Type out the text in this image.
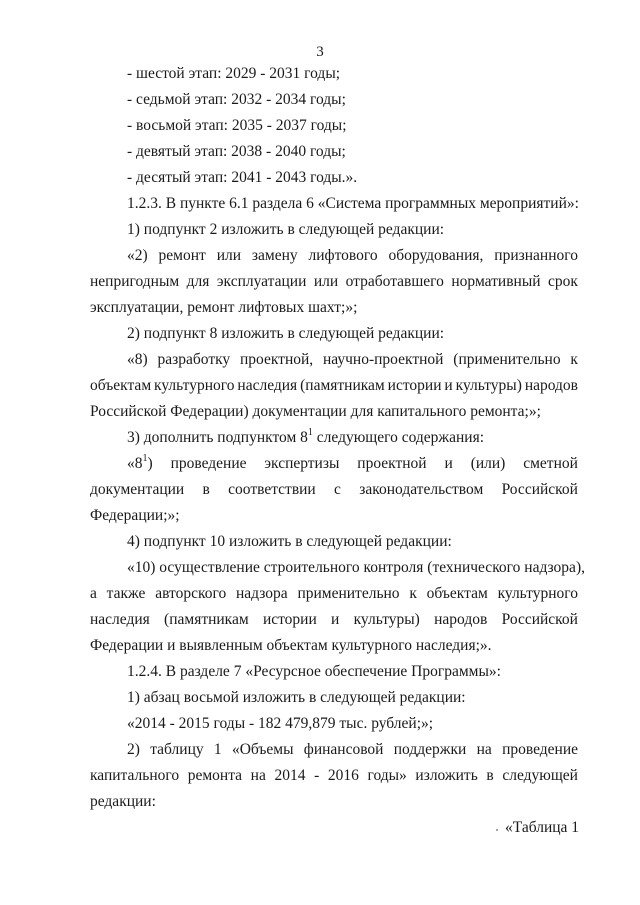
3
- шестой этап: 2029 - 2031 годы;
- седьмой этап: 2032 - 2034 годы;
- восьмой этап: 2035 - 2037 годы;
- девятый этап: 2038 - 2040 годы;
- десятый этап: 2041 - 2043 годы.».
1.2.3. В пункте 6.1 раздела 6 «Система программных мероприятий»:
1) подпункт 2 изложить в следующей редакции:
«2) ремонт или замену лифтового оборудования, признанного
непригодным для эксплуатации или отработавшего нормативный срок
эксплуатации, ремонт лифтовых шахт;»;
2) подпункт 8 изложить в следующей редакции:
«8) разработку проектной, научно-проектной (применительно к
объектам культурного наследия (памятникам истории и культуры) народов
Российской Федерации) документации для капитального ремонта;»;
3) дополнить подпунктом $8^1$ следующего содержания:
«$8^1$) проведение экспертизы проектной и (или) сметной
документации в соответствии с законодательством Российской
Федерации;»;
4) подпункт 10 изложить в следующей редакции:
«10) осуществление строительного контроля (технического надзора),
а также авторского надзора применительно к объектам культурного
наследия (памятникам истории и культуры) народов Российской
Федерации и выявленным объектам культурного наследия;».
1.2.4. В разделе 7 «Ресурсное обеспечение Программы»:
1) абзац восьмой изложить в следующей редакции:
«2014 - 2015 годы - 182 479,879 тыс. рублей;»;
2) таблицу 1 «Объемы финансовой поддержки на проведение
капитального ремонта на 2014 - 2016 годы» изложить в следующей
редакции:
«Таблица 1
